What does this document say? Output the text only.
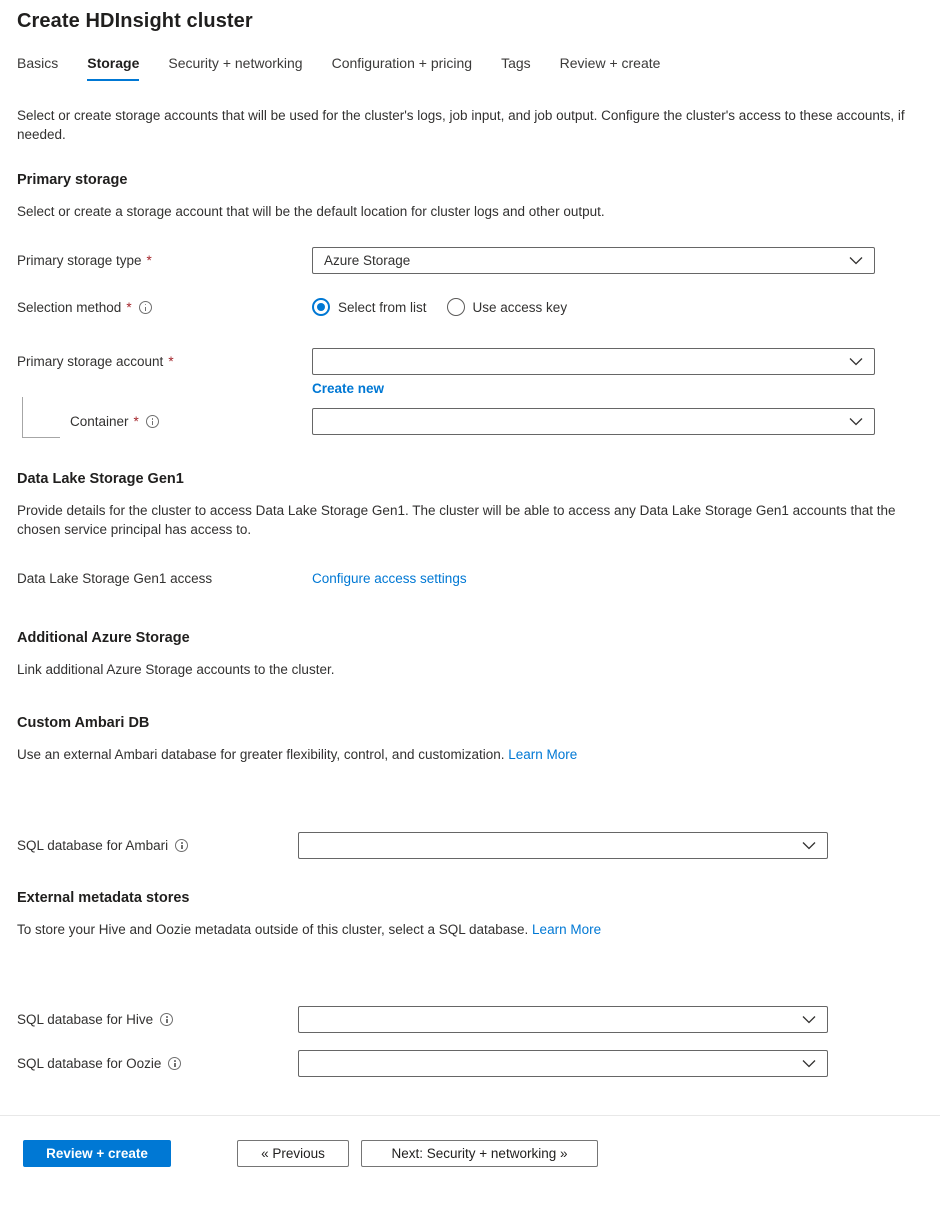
Create HDInsight cluster
Basics Storage Security + networking Configuration + pricing Tags Review + create

Select or create storage accounts that will be used for the cluster's logs, job input, and job output. Configure the cluster's access to these accounts, if needed.

Primary storage

Select or create a storage account that will be the default location for cluster logs and other output.

Primary storage type *	Azure Storage
Selection method *	Select from list	Use access key
Primary storage account *
Create new
Container *
Data Lake Storage Gen1

Provide details for the cluster to access Data Lake Storage Gen1. The cluster will be able to access any Data Lake Storage Gen1 accounts that the chosen service principal has access to.

Data Lake Storage Gen1 access	Configure access settings
Additional Azure Storage

Link additional Azure Storage accounts to the cluster.

Custom Ambari DB

Use an external Ambari database for greater flexibility, control, and customization. Learn More

SQL database for Ambari
External metadata stores

To store your Hive and Oozie metadata outside of this cluster, select a SQL database. Learn More

SQL database for Hive
SQL database for Oozie
Review + create	« Previous	Next: Security + networking »
